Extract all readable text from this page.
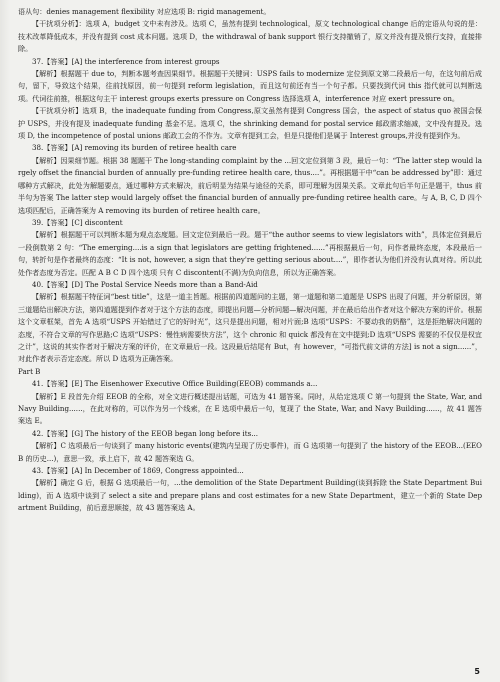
语从句：denies management flexibility 对应选项 B: rigid management。

【干扰项分析】：选项 A，budget 文中未有涉及。选项 C，虽然有提到 technological，原文 technological change 后的定语从句说的是：技术改革降低成本，并没有提到 cost 成本问题。选项 D，the withdrawal of bank support 银行支持撤销了，原文并没有提及银行支持，直接排除。

37.【答案】[A] the interference from interest groups

【解析】根据题干 due to，判断本题考查因果细节。根据题干关键词：USPS fails to modernize 定位到原文第二段最后一句，在这句前后成句，留下，导致这个结果，往前找原因，前一句提到 reform legislation，而且这句前还有当一个句子都。只要找到代词 this 指代就可以判断选项。代词往前推，根据这句主干 interest groups exerts pressure on Congress 选择选项 A，interference 对应 exert pressure on。

【干扰项分析】选项 B，the inadequate funding from Congress,原文虽然有提到 Congress 国会，the aspect of status quo 被国会保护 USPS，并没有提及 inadequate funding 基金不足。选项 C，the shrinking demand for postal service 邮政需求缩减，文中没有提及。选项 D, the incompetence of postal unions 邮政工会的不作为。文章有提到工会，但是只提他们是属于 Interest groups,并没有提到作为。

38.【答案】[A] removing its burden of retiree health care

【解析】因果细节题。根据 38 题题干 The long-standing complaint by the ...回文定位到第 3 段，最后一句：“The latter step would largely offset the financial burden of annually pre-funding retiree health care, thus....”。再根据题干中“can be addressed by”即：通过哪种方式解决，此处为解题要点，通过哪种方式来解决，前后明显为结果与途径的关系，即可理解为因果关系。文章此句后半句正是题干，thus 前半句为答案 The latter step would largely offset the financial burden of annually pre-funding retiree health care。与 A, B, C, D 四个选项匹配后，正确答案为 A removing its burden of retiree health care。

39.【答案】[C] discontent

【解析】根据题干可以判断本题为观点态度题。回文定位到最后一段。题干“the author seems to view legislators with”，具体定位到最后一段倒数第 2 句：“The emerging....is a sign that legislators are getting frightened......”再根据最后一句，问作者最终态度，本段最后一句，转折句是作者最终的态度：“It is not, however, a sign that they're getting serious about....”，即作者认为他们并没有认真对待。所以此处作者态度为否定。匹配 A B C D 四个选项 只有 C discontent(不满)为负向信息，所以为正确答案。

40.【答案】[D] The Postal Service Needs more than a Band-Aid

【解析】根据题干特征词“best title”，这是一道主旨题。根据前四道题问的主题，第一道题和第二道题是 USPS 出现了问题，并分析原因，第三道题给出解决方法，第四道题提到作者对于这个方法的态度，即提出问题—分析问题—解决问题，并在最后给出作者对这个解决方案的评价。根据这个文章框架，首先 A 选项“USPS 开始错过了它的好时光”，这只是提出问题，相对片面;B 选项“USPS：不要动我的奶酪”，这是拒绝解决问题的态度，不符合文章的写作思路;C 选项“USPS：慢性病需要快方法”，这个 chronic 和 quick 都没有在文中提到;D 选项“USPS 需要的不仅仅是权宜之计”，这说的其实作者对于解决方案的评价，在文章最后一段。这段最后结尾有 But，有 however，“可指代前文讲的方法] is not a sign......”，对此作者表示否定态度。所以 D 选项为正确答案。

Part B

41.【答案】[E] The Eisenhower Executive Office Building(EEOB) commands a...

【解析】E 段首先介绍 EEOB 的全称，对全文进行概述提出话题，可选为 41 题答案。同时，从给定选项 C 第一句提到 the State, War, and Navy Building......，在此对称的，可以作为另一个线索，在 E 选项中最后一句，复现了 the State, War, and Navy Building......，故 41 题答案选 E。

42.【答案】[G] The history of the EEOB began long before its...

【解析】C 选项最后一句谈到了 many historic events(建筑内呈现了历史事件)，而 G 选项第一句提到了 the history of the EEOB...(EEOB 的历史...)，意思一致，承上启下，故 42 题答案选 G。

43.【答案】[A] In December of 1869, Congress appointed...

【解析】确定 G 后，根据 G 选项最后一句，...the demolition of the State Department Building(谈到拆除 the State Department Building)，而 A 选项中谈到了 select a site and prepare plans and cost estimates for a new State Department，建立一个新的 State Department Building，前后意思顺接，故 43 题答案选 A。

5
